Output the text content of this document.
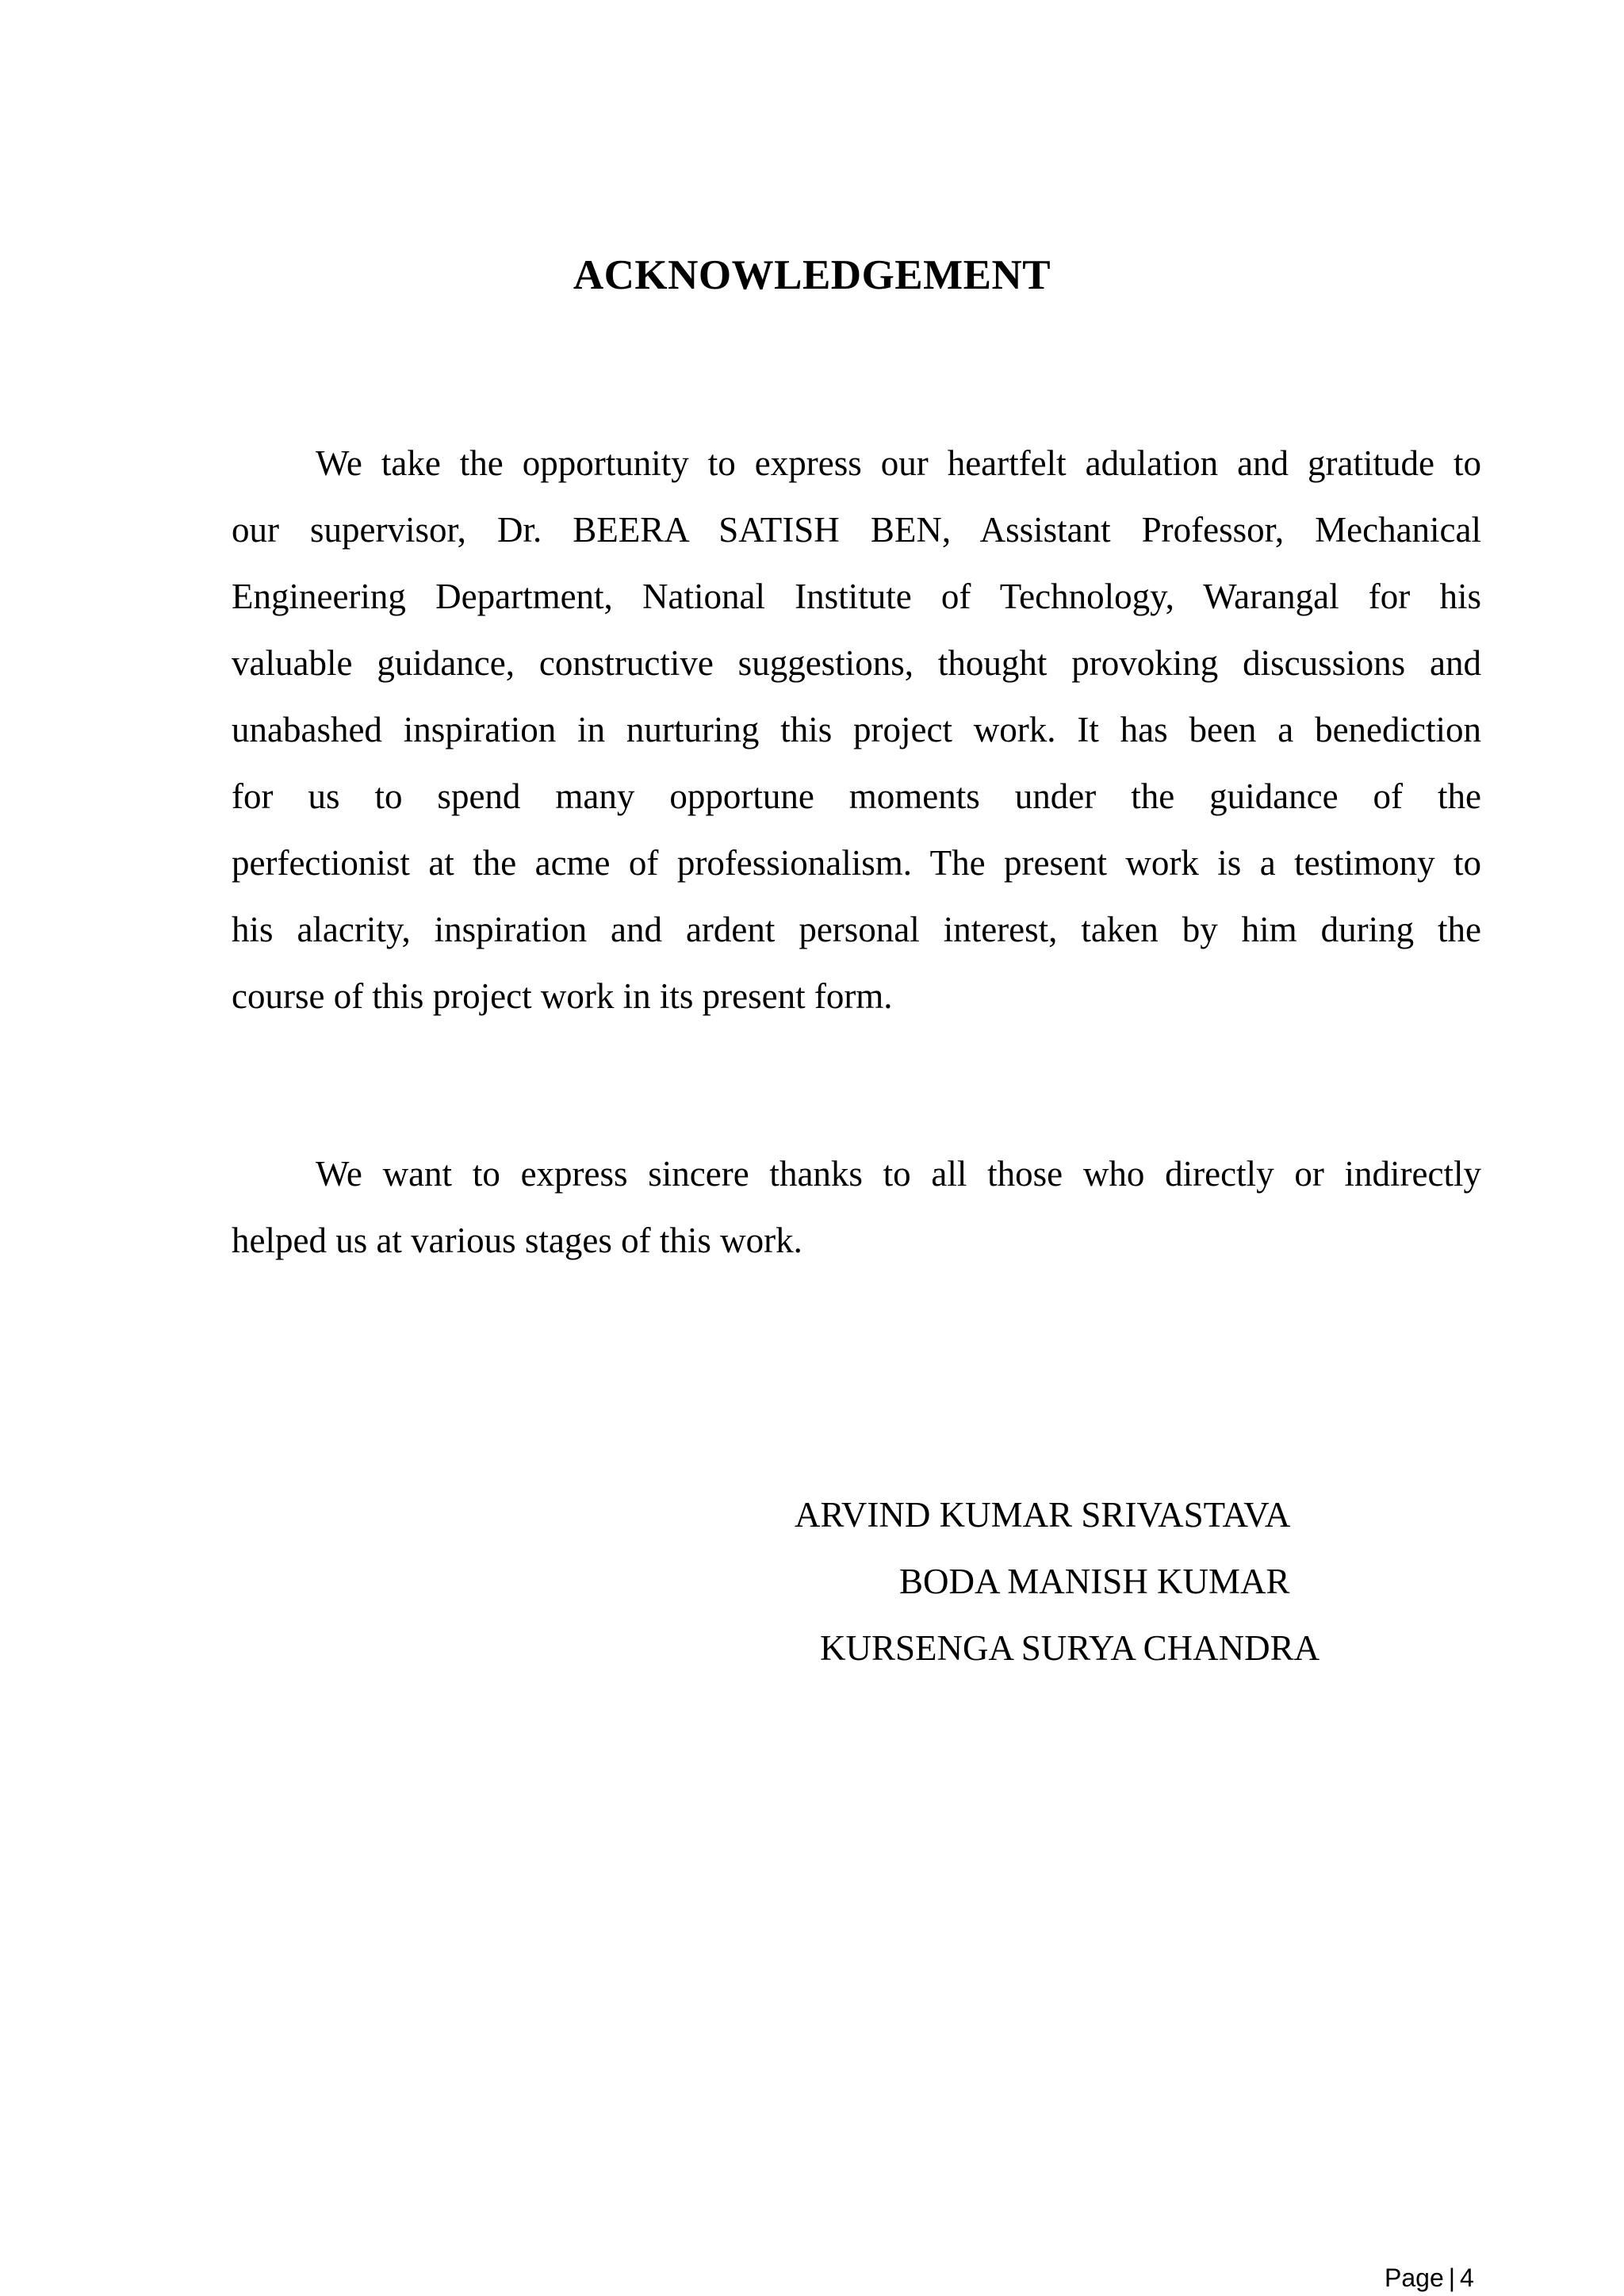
ACKNOWLEDGEMENT
We take the opportunity to express our heartfelt adulation and gratitude to
our supervisor, Dr. BEERA SATISH BEN, Assistant Professor, Mechanical
Engineering Department, National Institute of Technology, Warangal for his
valuable guidance, constructive suggestions, thought provoking discussions and
unabashed inspiration in nurturing this project work. It has been a benediction
for us to spend many opportune moments under the guidance of the
perfectionist at the acme of professionalism. The present work is a testimony to
his alacrity, inspiration and ardent personal interest, taken by him during the
course of this project work in its present form.
We want to express sincere thanks to all those who directly or indirectly
helped us at various stages of this work.
ARVIND KUMAR SRIVASTAVA
BODA MANISH KUMAR
KURSENGA SURYA CHANDRA
Page | 4
